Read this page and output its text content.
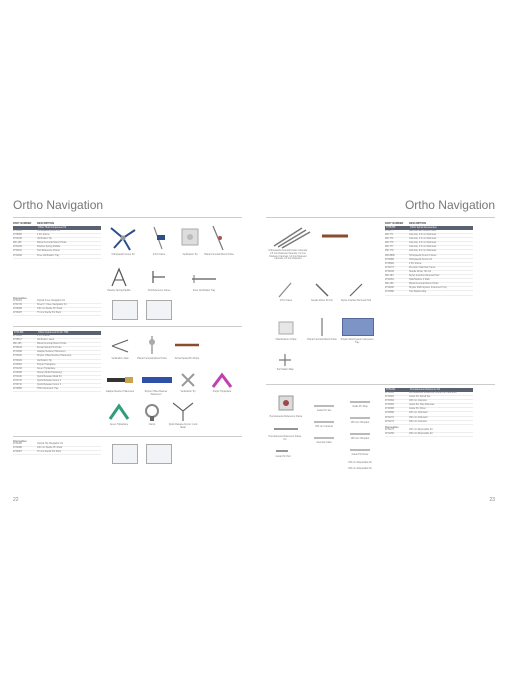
Ortho Navigation
PART NUMBER	DESCRIPTION
Ortho Tibia Component Kit
9735181	Orthopaedic Femur Kit
9735684	2 Pin Frame
9731246	Verification Tip
960-155	Planar Femoral Mount Probe
9731246	Passive Spring Paddle
9734011	Tool Reference Frame
9731846	Knee Verification Tray
Disposables
9731451	Optical Knee Navigation Kit
9731736	Kinect™ Knee Navigation Kit
9733488	130 mm Sterile Pin Pack
9733487	75 mm Sterile Pin Pack
9731456	Ortho Instrument Kit for THR
9735684	2 Pin Frame
9735817	Verification Jaws
960-155	Planar Femoral Mount Probe
9735128	Dorsal Spinal Pin Probe
9731846	Adapter Reamer Placement
9734032	Stryker Offset Reamer Placement
9734032	Verification Tip
9734081	Purple Tripleplane
9731246	Green Tripleplane
9734095	Clamp (Shifts Passively)
9731432	Quick Release Metal Kit
9731715	Quick Release Femur 1
9734710	Quick Release Femur 1
9732865	THR Instrument Tray
Disposables
9731456	Optical Hip Navigation Kit
9733488	130 mm Sterile Pin Pack
9733487	75 mm Sterile Pin Pack
Orthopaedic Femur Kit	2 Pin Frame	Verification Tip	Planar Femoral Mount Probe
Passive Spring Paddle	Tool Reference Frame	Knee Verification Tray
Verification Jaws	Planar Femoral Mount Probe	Dorsal Spinal Pin Probe
Adapter Reamer Placement	Stryker Offset Reamer Placement
Verification Tip	Purple Tripleplane
Green Tripleplane	Clamp	Quick Release Femur 1 and Metal
22
Ortho Navigation
PART NUMBER	DESCRIPTION
9735785	Ortho Spinal Accessories
9734777	Sterilizer and Sclaris Insert
960-771	Cannula, 2.5 mm Diameter
960-772	Cannula, 3.2 mm Diameter
960-776	Cannula, 4.0 mm Diameter
960-777	Cannula, 4.5 mm Diameter
960-778	Cannula, 6.0 mm Diameter
960-8890	Orthopaedic Femur Fixture
9731880	Orthopaedic Femur Kit
9735684	2 Pin Frame
9731271	Precision Halo Ref Frame
9734016	Needle Driver, 60 mm
960-183	Stylus Insertion Removal Tool
9734051	Halo/Sodium 3 Pack
960-156	Planar Femoral Mount Probe
9733260	Stryker Multi-System Instrument Tray
9731890	Tool Station Map
9731844	Percutaneous Reference Kit
9731845	Percutaneous Reference Frame Kit Preformed
9731824	Guide Pin Spinal Set
9731894	180 mm Cannula
9731893	Guide Pin Stop Diameter
9731895	Guide Pin Driver
9731896	180 mm Obturator
9731271	150 mm Obturator
9731272	180 mm Cannula
Disposables
9731273	150 mm Disposable Kit
9731256	180 mm Disposable Kit
Orthopaedic Femoral Fixture Cannula, 2.5 mm Diameter Cannula, 3.2 mm Diameter Cannula, 4.0 mm Diameter Cannula, 4.5 mm Diameter
2 Pin Frame	Needle Driver 60 mm	Stylus Insertion Removal Tool
Halo/Sodium 3 Pack	Planar Femoral Mount Probe	Stryker Multi-System Instrument Tray
Tool Station Map
Percutaneous Reference Frame
Percutaneous Reference Frame Kit
Guide Pin Tool
Guide Pin Set
180 mm Cannula
Cannula Collar
Guide Pin Stop
150 mm Obturator
180 mm Obturator
Guide Pin Driver
150 mm Disposable Kit
180 mm Disposable Kit
23
